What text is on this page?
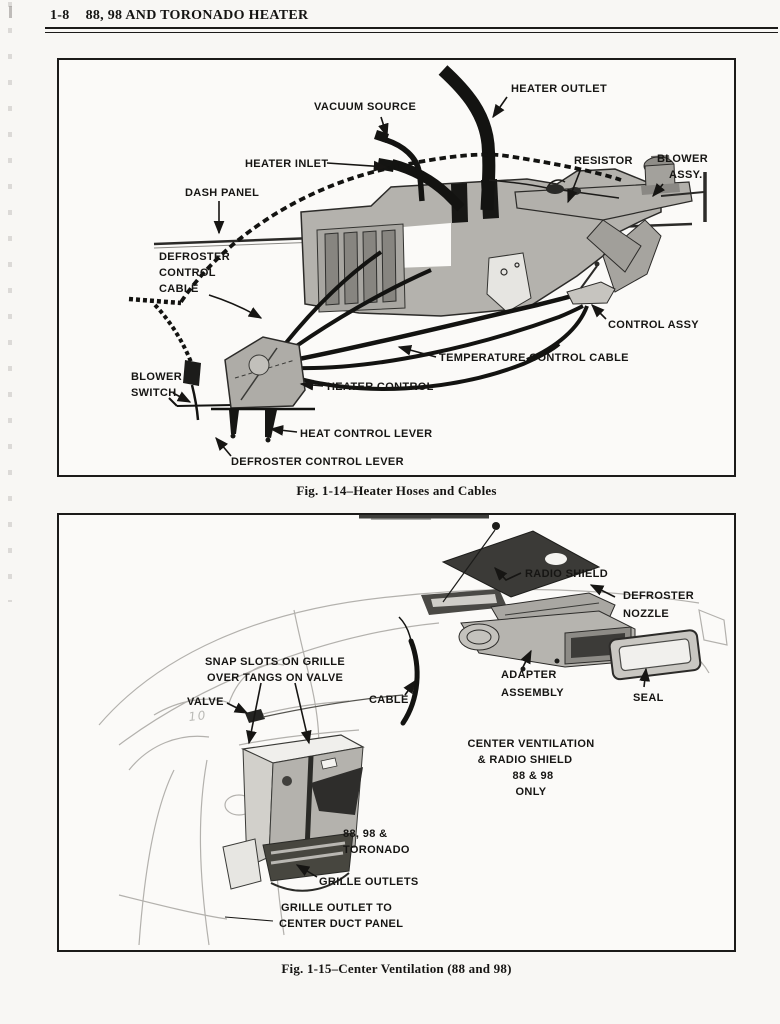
1-8 88, 98 AND TORONADO HEATER
VACUUM SOURCE
HEATER OUTLET
HEATER INLET
DASH PANEL
RESISTOR BLOWER
ASSY.
DEFROSTER
CONTROL
CABLE
BLOWER
SWITCH	HEATER CONTROL
TEMPERATURE CONTROL CABLE
CONTROL ASSY
HEAT CONTROL LEVER
DEFROSTER CONTROL LEVER
Fig. 1-14–Heater Hoses and Cables
RADIO SHIELD
DEFROSTER
NOZZLE
SNAP SLOTS ON GRILLE
OVER TANGS ON VALVE
VALVE
10
CABLE
ADAPTER
ASSEMBLY	SEAL
CENTER VENTILATION
& RADIO SHIELD
88 & 98
ONLY
88, 98 &
TORONADO
GRILLE OUTLETS
GRILLE OUTLET TO
CENTER DUCT PANEL
Fig. 1-15–Center Ventilation (88 and 98)
